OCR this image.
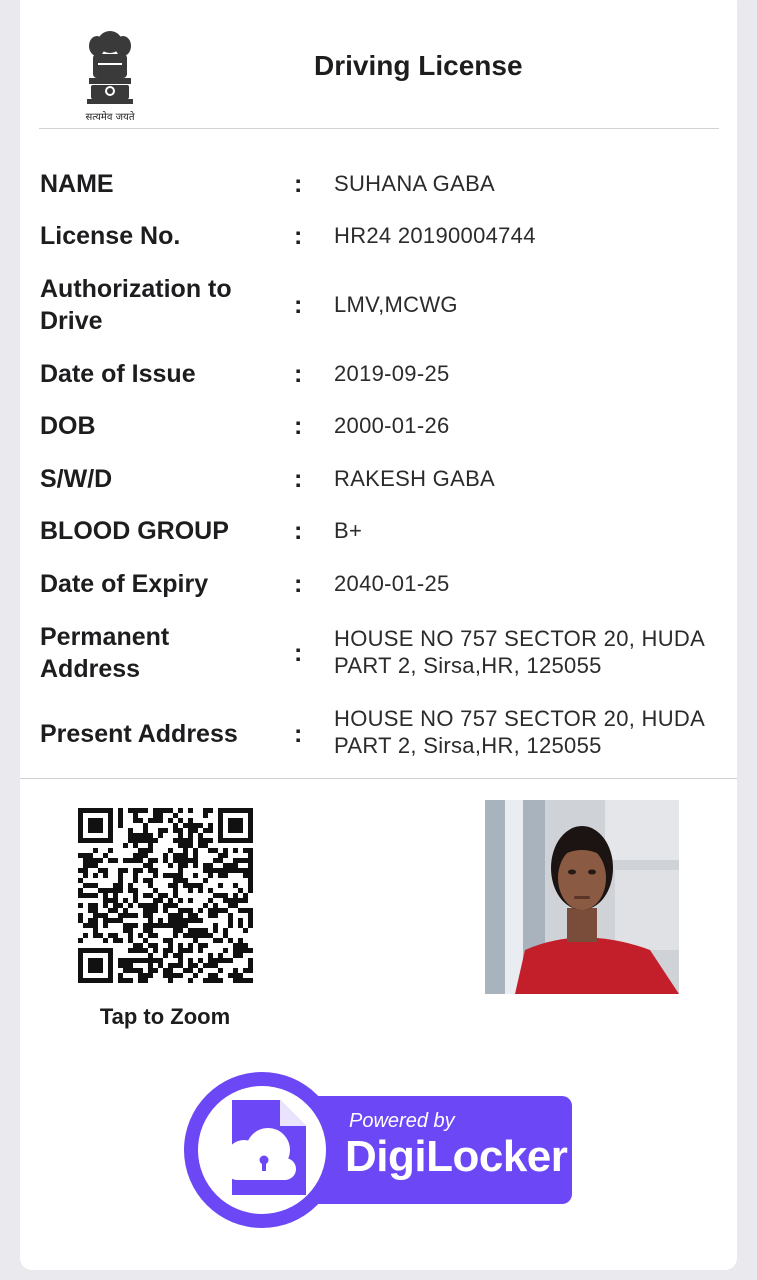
सत्यमेव जयते
Driving License
NAME	: SUHANA GABA
License No.	: HR24 20190004744
Authorization to Drive
: LMV,MCWG
Date of Issue	: 2019-09-25
DOB	: 2000-01-26
S/W/D	: RAKESH GABA
BLOOD GROUP	: B+
Date of Expiry	: 2040-01-25
Permanent Address
:
HOUSE NO 757 SECTOR 20, HUDA PART 2, Sirsa,HR, 125055
Present Address	:
HOUSE NO 757 SECTOR 20, HUDA PART 2, Sirsa,HR, 125055
Tap to Zoom
Powered by
DigiLocker
